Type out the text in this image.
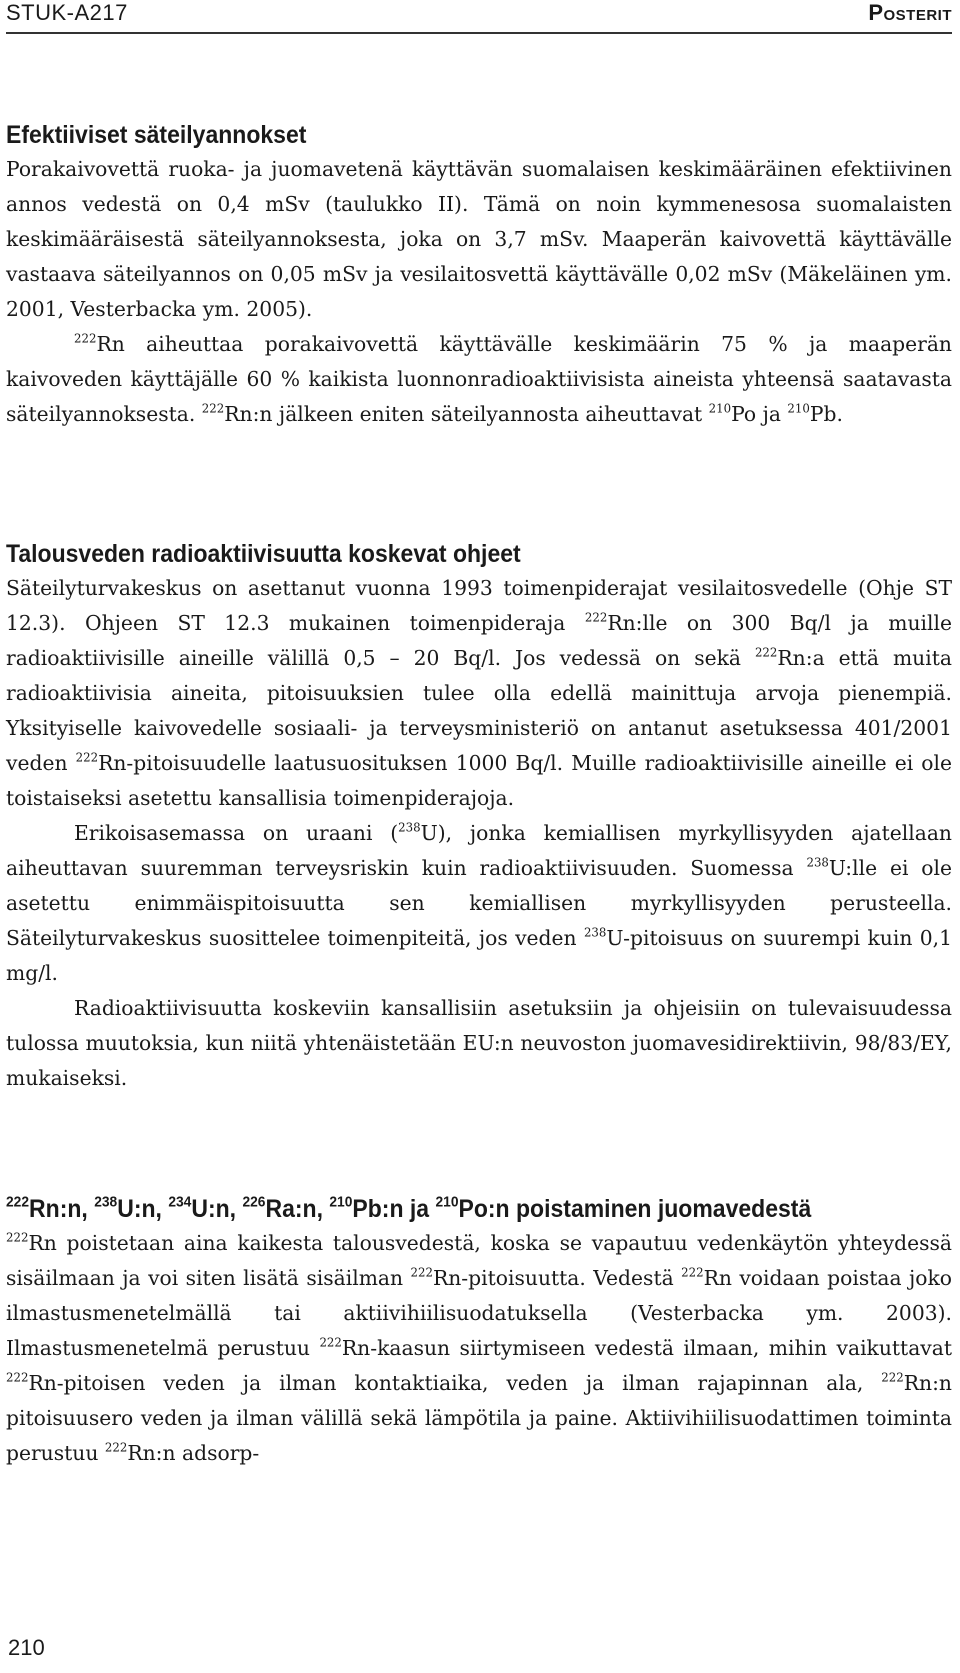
STUK-A217	Posterit
Efektiiviset säteilyannokset

Porakaivovettä ruoka- ja juomavetenä käyttävän suomalaisen keskimääräinen efektiivinen annos vedestä on 0,4 mSv (taulukko II). Tämä on noin kymmenesosa suomalaisten keskimääräisestä säteilyannoksesta, joka on 3,7 mSv. Maaperän kaivovettä käyttävälle vastaava säteilyannos on 0,05 mSv ja vesilaitosvettä käyttävälle 0,02 mSv (Mäkeläinen ym. 2001, Vesterbacka ym. 2005).

$^{222}$Rn aiheuttaa porakaivovettä käyttävälle keskimäärin 75 % ja maaperän kaivoveden käyttäjälle 60 % kaikista luonnonradioaktiivisista aineista yhteensä saatavasta säteilyannoksesta. $^{222}$Rn:n jälkeen eniten säteilyannosta aiheuttavat $^{210}$Po ja $^{210}$Pb.

Talousveden radioaktiivisuutta koskevat ohjeet

Säteilyturvakeskus on asettanut vuonna 1993 toimenpiderajat vesilaitosvedelle (Ohje ST 12.3). Ohjeen ST 12.3 mukainen toimenpideraja $^{222}$Rn:lle on 300 Bq/l ja muille radioaktiivisille aineille välillä 0,5 – 20 Bq/l. Jos vedessä on sekä $^{222}$Rn:a että muita radioaktiivisia aineita, pitoisuuksien tulee olla edellä mainittuja arvoja pienempiä. Yksityiselle kaivovedelle sosiaali- ja terveysministeriö on antanut asetuksessa 401/2001 veden $^{222}$Rn-pitoisuudelle laatusuosituksen 1000 Bq/l. Muille radioaktiivisille aineille ei ole toistaiseksi asetettu kansallisia toimenpiderajoja.

Erikoisasemassa on uraani ($^{238}$U), jonka kemiallisen myrkyllisyyden ajatellaan aiheuttavan suuremman terveysriskin kuin radioaktiivisuuden. Suomessa $^{238}$U:lle ei ole asetettu enimmäispitoisuutta sen kemiallisen myrkyllisyyden perusteella. Säteilyturvakeskus suosittelee toimenpiteitä, jos veden $^{238}$U-pitoisuus on suurempi kuin 0,1 mg/l.

Radioaktiivisuutta koskeviin kansallisiin asetuksiin ja ohjeisiin on tulevaisuudessa tulossa muutoksia, kun niitä yhtenäistetään EU:n neuvoston juomavesidirektiivin, 98/83/EY, mukaiseksi.

$^{222}$Rn:n, $^{238}$U:n, $^{234}$U:n, $^{226}$Ra:n, $^{210}$Pb:n ja $^{210}$Po:n poistaminen juomavedestä

$^{222}$Rn poistetaan aina kaikesta talousvedestä, koska se vapautuu vedenkäytön yhteydessä sisäilmaan ja voi siten lisätä sisäilman $^{222}$Rn-pitoisuutta. Vedestä $^{222}$Rn voidaan poistaa joko ilmastusmenetelmällä tai aktiivihiilisuodatuksella (Vesterbacka ym. 2003). Ilmastusmenetelmä perustuu $^{222}$Rn-kaasun siirtymiseen vedestä ilmaan, mihin vaikuttavat $^{222}$Rn-pitoisen veden ja ilman kontaktiaika, veden ja ilman rajapinnan ala, $^{222}$Rn:n pitoisuusero veden ja ilman välillä sekä lämpötila ja paine. Aktiivihiilisuodattimen toiminta perustuu $^{222}$Rn:n adsorp-

210
